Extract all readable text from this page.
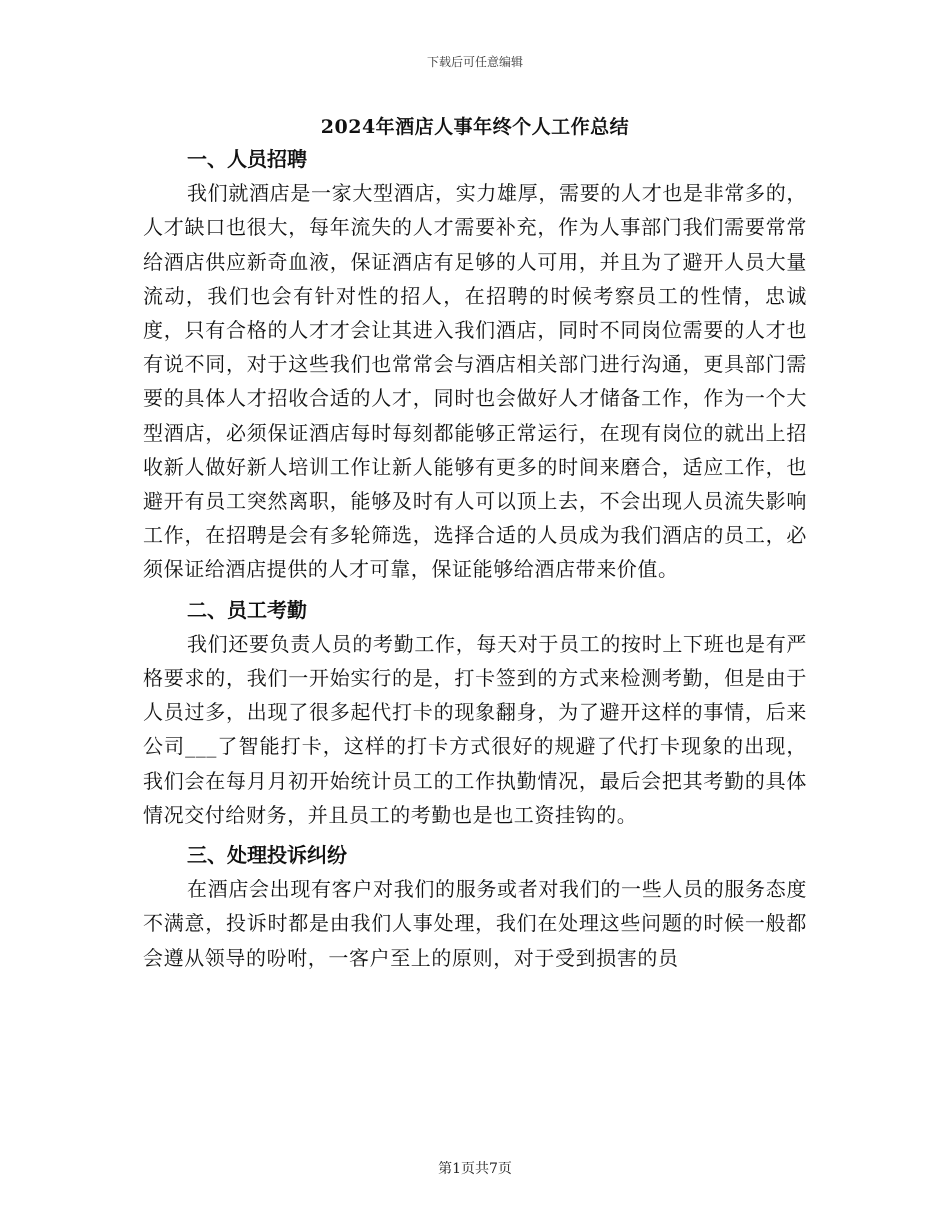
下载后可任意编辑
2024年酒店人事年终个人工作总结

一、人员招聘

我们就酒店是一家大型酒店，实力雄厚，需要的人才也是非常多的，人才缺口也很大，每年流失的人才需要补充，作为人事部门我们需要常常给酒店供应新奇血液，保证酒店有足够的人可用，并且为了避开人员大量流动，我们也会有针对性的招人，在招聘的时候考察员工的性情，忠诚度，只有合格的人才才会让其进入我们酒店，同时不同岗位需要的人才也有说不同，对于这些我们也常常会与酒店相关部门进行沟通，更具部门需要的具体人才招收合适的人才，同时也会做好人才储备工作，作为一个大型酒店，必须保证酒店每时每刻都能够正常运行，在现有岗位的就出上招收新人做好新人培训工作让新人能够有更多的时间来磨合，适应工作，也避开有员工突然离职，能够及时有人可以顶上去，不会出现人员流失影响工作，在招聘是会有多轮筛选，选择合适的人员成为我们酒店的员工，必须保证给酒店提供的人才可靠，保证能够给酒店带来价值。

二、员工考勤

我们还要负责人员的考勤工作，每天对于员工的按时上下班也是有严格要求的，我们一开始实行的是，打卡签到的方式来检测考勤，但是由于人员过多，出现了很多起代打卡的现象翻身，为了避开这样的事情，后来公司___了智能打卡，这样的打卡方式很好的规避了代打卡现象的出现，我们会在每月月初开始统计员工的工作执勤情况，最后会把其考勤的具体情况交付给财务，并且员工的考勤也是也工资挂钩的。

三、处理投诉纠纷

在酒店会出现有客户对我们的服务或者对我们的一些人员的服务态度不满意，投诉时都是由我们人事处理，我们在处理这些问题的时候一般都会遵从领导的吩咐，一客户至上的原则，对于受到损害的员

第1页共7页
